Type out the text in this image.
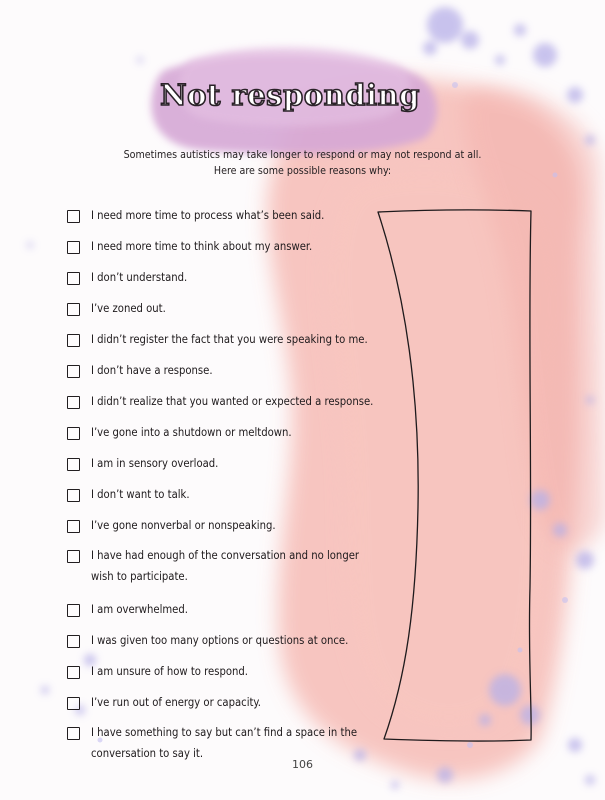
Not responding
Sometimes autistics may take longer to respond or may not respond at all.
Here are some possible reasons why:
I need more time to process what’s been said.
I need more time to think about my answer.
I don’t understand.
I’ve zoned out.
I didn’t register the fact that you were speaking to me.
I don’t have a response.
I didn’t realize that you wanted or expected a response.
I’ve gone into a shutdown or meltdown.
I am in sensory overload.
I don’t want to talk.
I’ve gone nonverbal or nonspeaking.
I have had enough of the conversation and no longer wish to participate.
I am overwhelmed.
I was given too many options or questions at once.
I am unsure of how to respond.
I’ve run out of energy or capacity.
I have something to say but can’t find a space in the conversation to say it.
106
